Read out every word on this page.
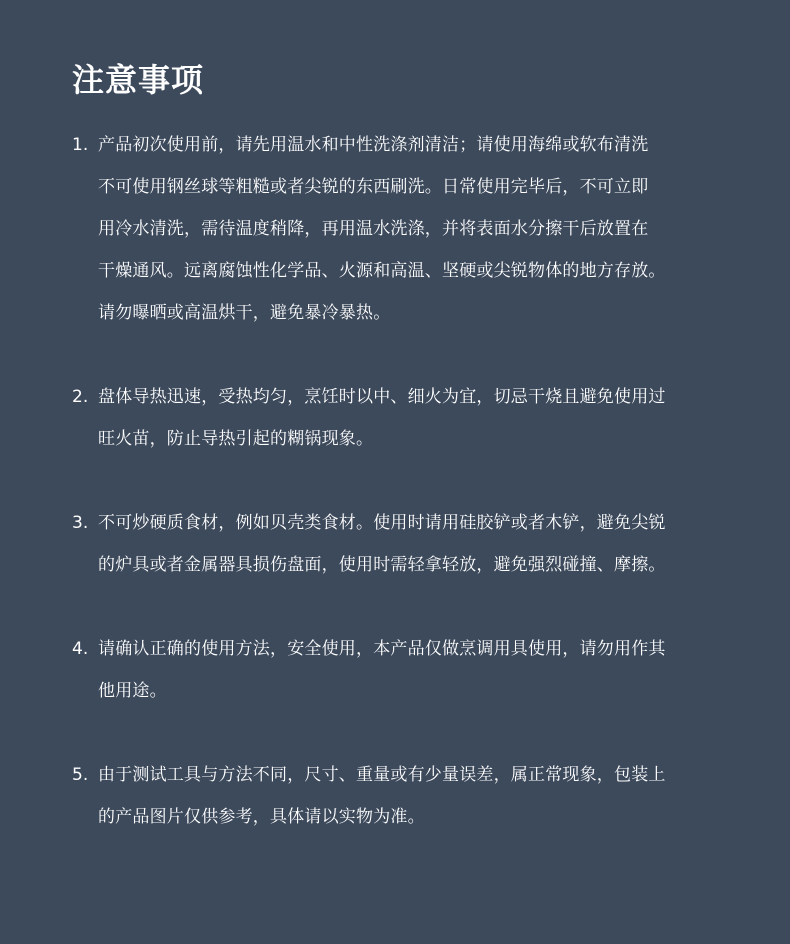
注意事项
1. 产品初次使用前，请先用温水和中性洗涤剂清洁；请使用海绵或软布清洗
不可使用钢丝球等粗糙或者尖锐的东西刷洗。日常使用完毕后，不可立即
用冷水清洗，需待温度稍降，再用温水洗涤，并将表面水分擦干后放置在
干燥通风。远离腐蚀性化学品、火源和高温、坚硬或尖锐物体的地方存放。
请勿曝晒或高温烘干，避免暴冷暴热。
2. 盘体导热迅速，受热均匀，烹饪时以中、细火为宜，切忌干烧且避免使用过
旺火苗，防止导热引起的糊锅现象。
3. 不可炒硬质食材，例如贝壳类食材。使用时请用硅胶铲或者木铲，避免尖锐
的炉具或者金属器具损伤盘面，使用时需轻拿轻放，避免强烈碰撞、摩擦。
4. 请确认正确的使用方法，安全使用，本产品仅做烹调用具使用，请勿用作其
他用途。
5. 由于测试工具与方法不同，尺寸、重量或有少量误差，属正常现象，包装上
的产品图片仅供参考，具体请以实物为准。
